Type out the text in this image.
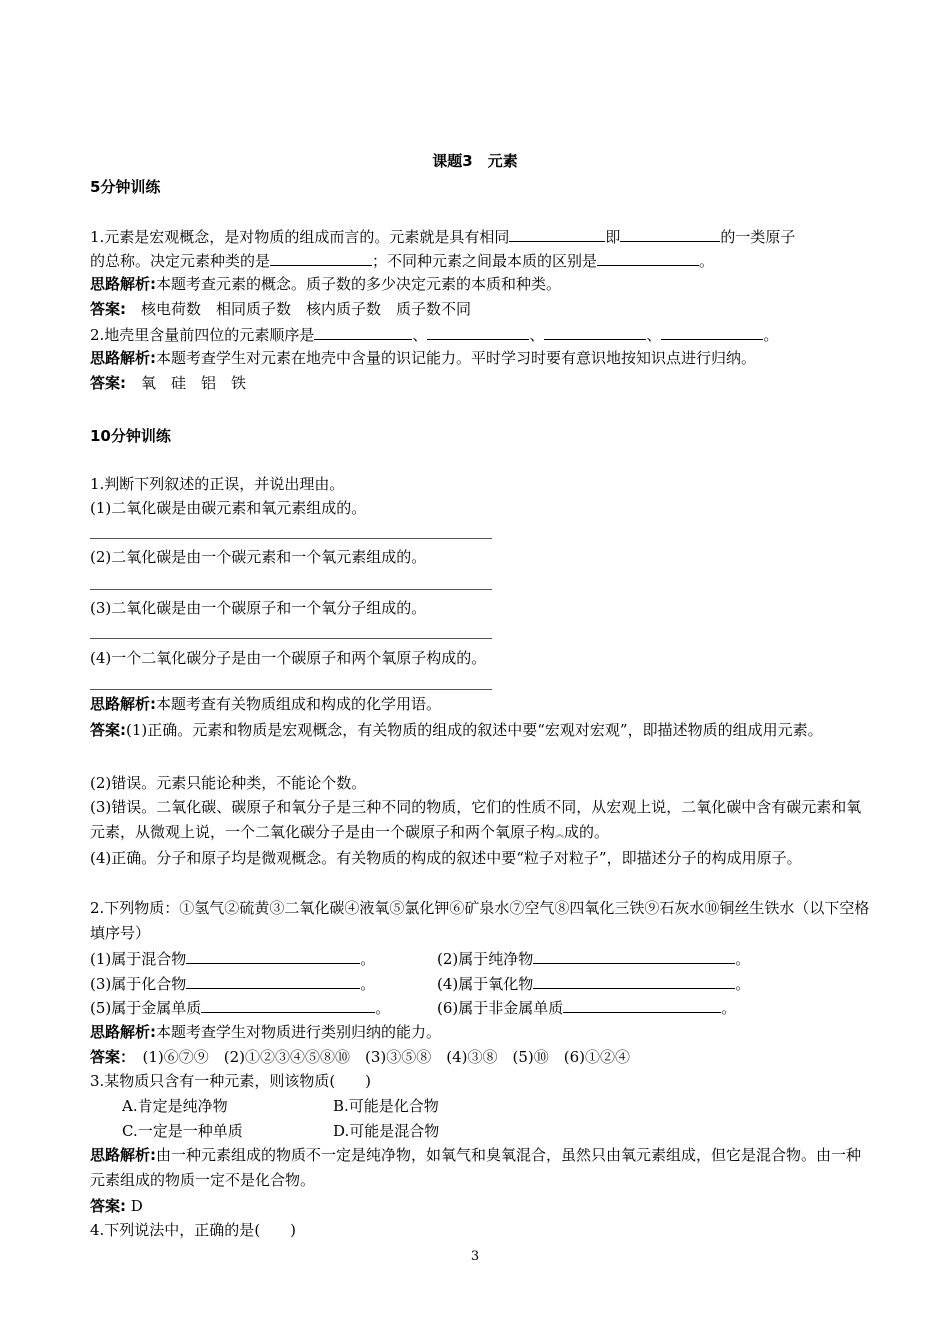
课题3　元素
5分钟训练
1.元素是宏观概念，是对物质的组成而言的。元素就是具有相同	即	的一类原子
的总称。决定元素种类的是	；不同种元素之间最本质的区别是	。
思路解析:本题考查元素的概念。质子数的多少决定元素的本质和种类。
答案:　 核电荷数　相同质子数　核内质子数　质子数不同
2.地壳里含量前四位的元素顺序是	、	、	、	。
思路解析:本题考查学生对元素在地壳中含量的识记能力。平时学习时要有意识地按知识点进行归纳。
答案:　 氧　硅　铝　铁
10分钟训练
1.判断下列叙述的正误，并说出理由。
(1)二氧化碳是由碳元素和氧元素组成的。
(2)二氧化碳是由一个碳元素和一个氧元素组成的。
(3)二氧化碳是由一个碳原子和一个氧分子组成的。
(4)一个二氧化碳分子是由一个碳原子和两个氧原子构成的。
思路解析:本题考查有关物质组成和构成的化学用语。
答案:(1)正确。元素和物质是宏观概念，有关物质的组成的叙述中要“宏观对宏观”，即描述物质的组成用元素。
(2)错误。元素只能论种类，不能论个数。
(3)错误。二氧化碳、碳原子和氧分子是三种不同的物质，它们的性质不同，从宏观上说，二氧化碳中含有碳元素和氧元素，从微观上说，一个二氧化碳分子是由一个碳原子和两个氧原子构︽成的。
(4)正确。分子和原子均是微观概念。有关物质的构成的叙述中要“粒子对粒子”，即描述分子的构成用原子。
2.下列物质：①氢气②硫黄③二氧化碳④液氧⑤氯化钾⑥矿泉水⑦空气⑧四氧化三铁⑨石灰水⑩铜丝生铁水（以下空格填序号）
(1)属于混合物	。	(2)属于纯净物	。
(3)属于化合物	。	(4)属于氧化物	。
(5)属于金属单质	。	(6)属于非金属单质	。
思路解析:本题考查学生对物质进行类别归纳的能力。
答案：　 (1)⑥⑦⑨　(2)①②③④⑤⑧⑩　(3)③⑤⑧　(4)③⑧　(5)⑩　(6)①②④
3.某物质只含有一种元素，则该物质(　　)
A.肯定是纯净物	B.可能是化合物
C.一定是一种单质	D.可能是混合物
思路解析:由一种元素组成的物质不一定是纯净物，如氧气和臭氧混合，虽然只由氧元素组成，但它是混合物。由一种元素组成的物质一定不是化合物。
答案: D
4.下列说法中，正确的是(　　)
3
